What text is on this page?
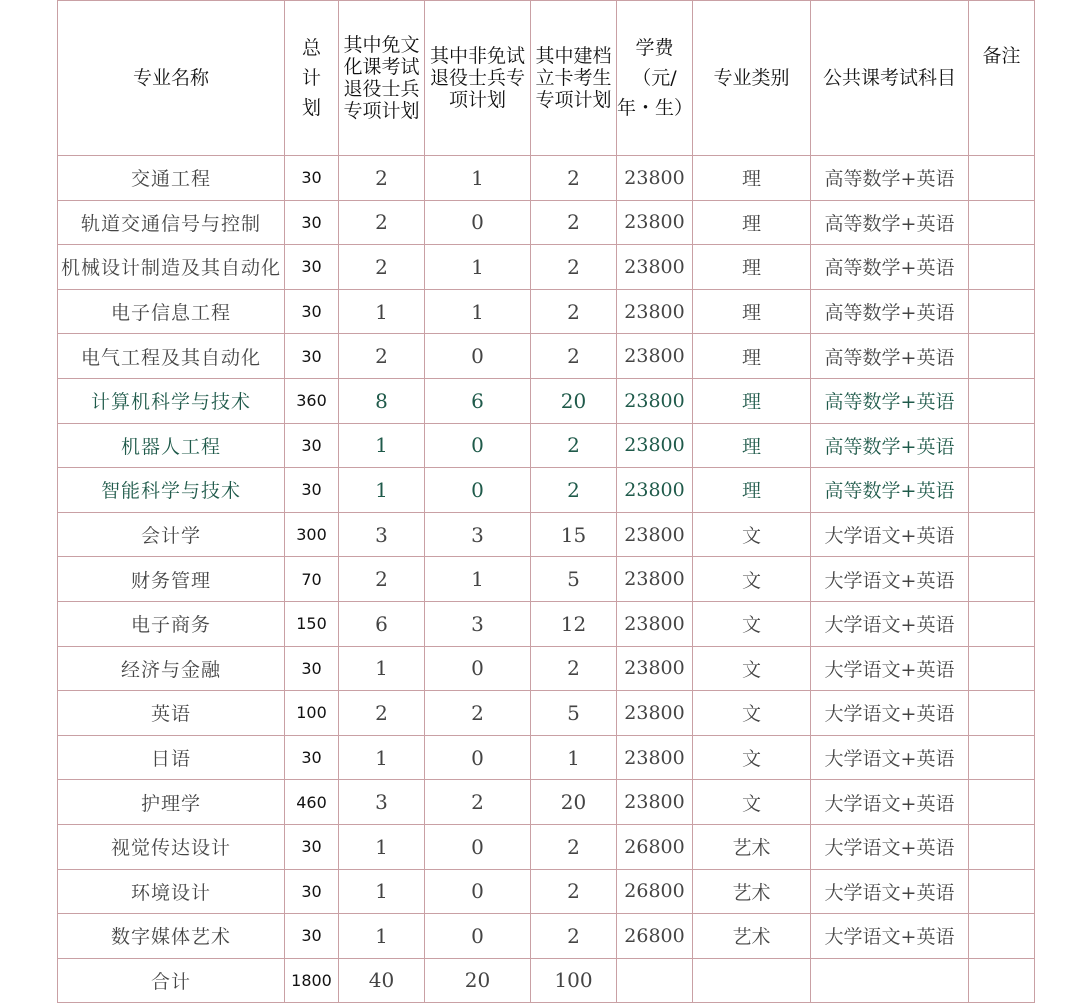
专业名称	总
计
划	其中免文化课考试退役士兵专项计划	其中非免试退役士兵专项计划	其中建档立卡考生专项计划	学费
（元/
年・生）	专业类别	公共课考试科目	备注
交通工程	30	2	1	2	23800	理	高等数学+英语	
轨道交通信号与控制	30	2	0	2	23800	理	高等数学+英语	
机械设计制造及其自动化	30	2	1	2	23800	理	高等数学+英语	
电子信息工程	30	1	1	2	23800	理	高等数学+英语	
电气工程及其自动化	30	2	0	2	23800	理	高等数学+英语	
计算机科学与技术	360	8	6	20	23800	理	高等数学+英语	
机器人工程	30	1	0	2	23800	理	高等数学+英语	
智能科学与技术	30	1	0	2	23800	理	高等数学+英语	
会计学	300	3	3	15	23800	文	大学语文+英语	
财务管理	70	2	1	5	23800	文	大学语文+英语	
电子商务	150	6	3	12	23800	文	大学语文+英语	
经济与金融	30	1	0	2	23800	文	大学语文+英语	
英语	100	2	2	5	23800	文	大学语文+英语	
日语	30	1	0	1	23800	文	大学语文+英语	
护理学	460	3	2	20	23800	文	大学语文+英语	
视觉传达设计	30	1	0	2	26800	艺术	大学语文+英语	
环境设计	30	1	0	2	26800	艺术	大学语文+英语	
数字媒体艺术	30	1	0	2	26800	艺术	大学语文+英语	
合计	1800	40	20	100				
